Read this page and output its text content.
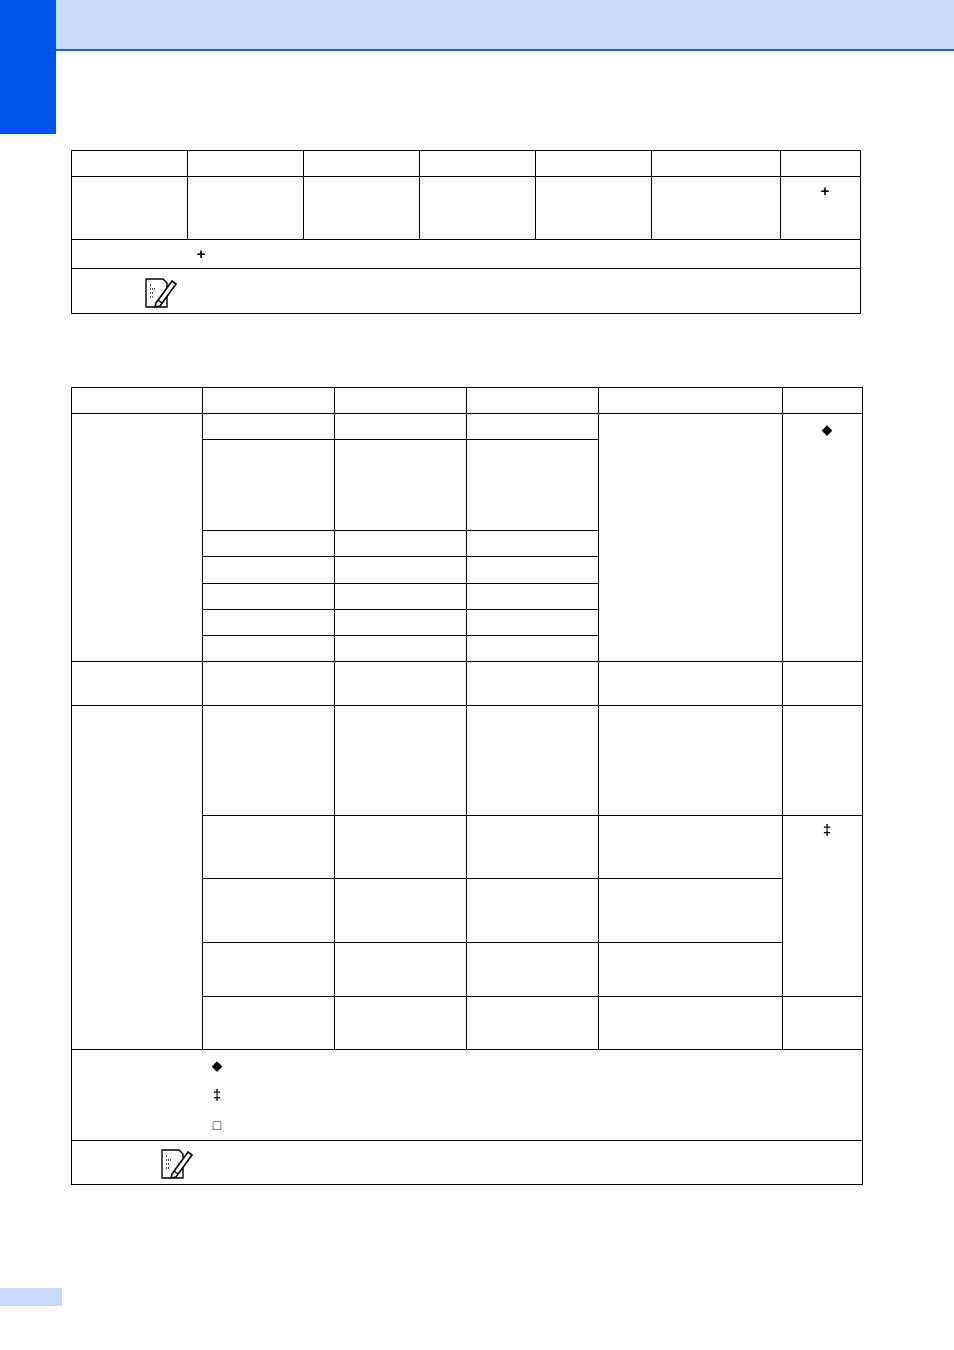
+
+
◆
‡
◆
‡
□
